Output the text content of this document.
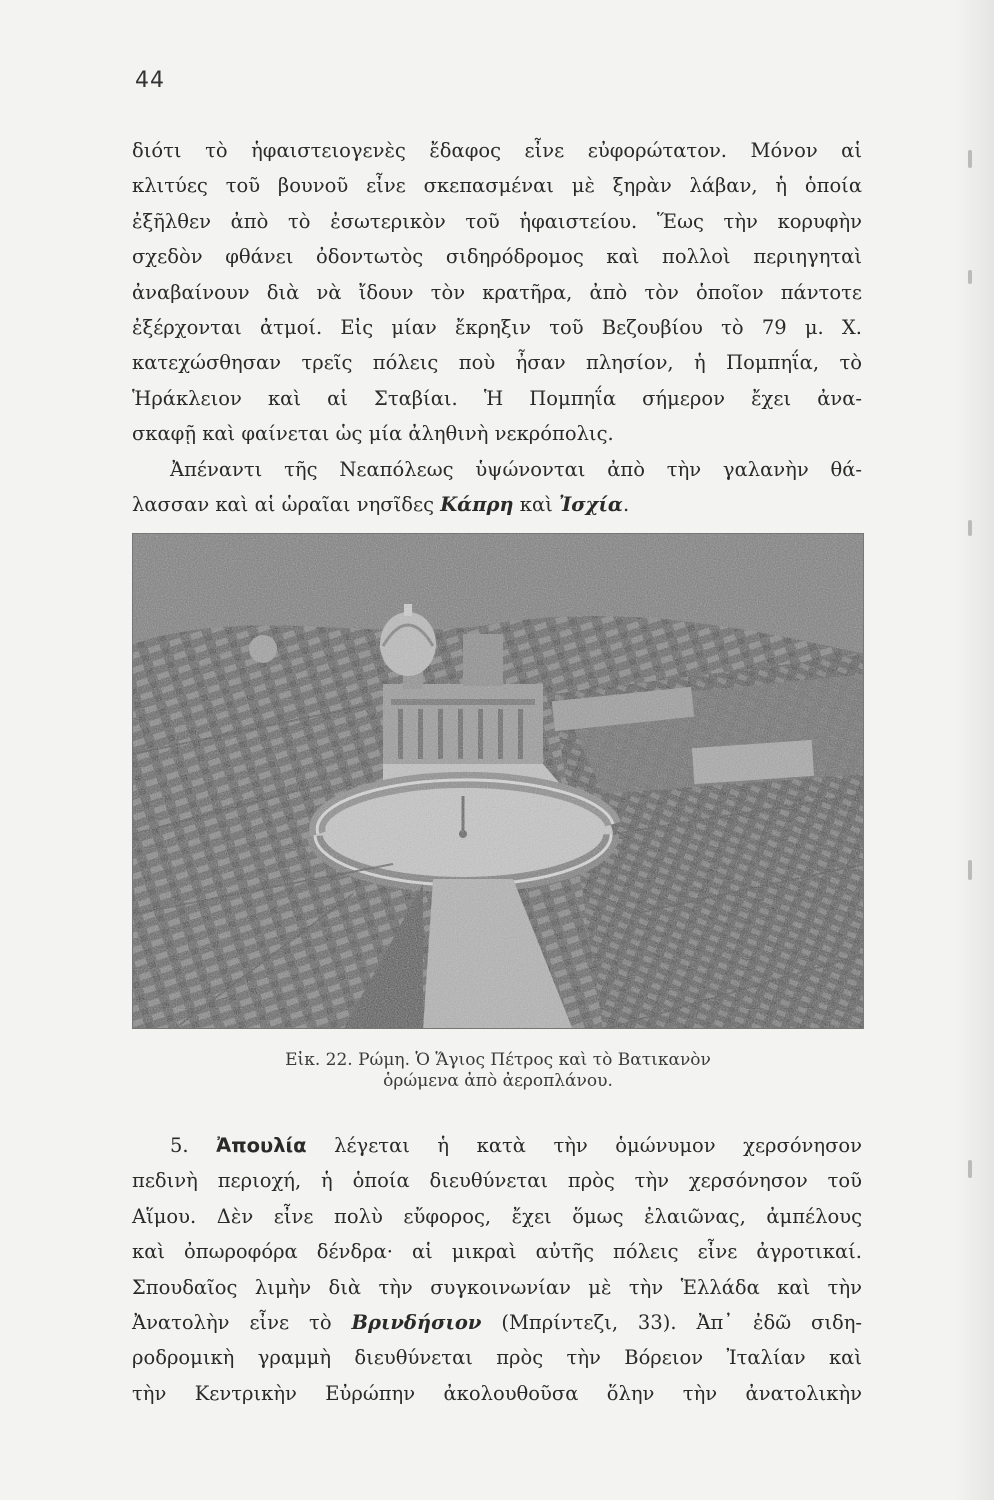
44
διότι τὸ ἡφαιστειογενὲς ἔδαφος εἶνε εὐφορώτατον. Μόνον αἱ
κλιτύες τοῦ βουνοῦ εἶνε σκεπασμέναι μὲ ξηρὰν λάβαν, ἡ ὁποία
ἐξῆλθεν ἀπὸ τὸ ἐσωτερικὸν τοῦ ἡφαιστείου. Ἕως τὴν κορυφὴν
σχεδὸν φθάνει ὀδοντωτὸς σιδηρόδρομος καὶ πολλοὶ περιηγηταὶ
ἀναβαίνουν διὰ νὰ ἴδουν τὸν κρατῆρα, ἀπὸ τὸν ὁποῖον πάντοτε
ἐξέρχονται ἀτμοί. Εἰς μίαν ἔκρηξιν τοῦ Βεζουβίου τὸ 79 μ. Χ.
κατεχώσθησαν τρεῖς πόλεις ποὺ ἦσαν πλησίον, ἡ Πομπηΐα, τὸ
Ἡράκλειον καὶ αἱ Σταβίαι. Ἡ Πομπηΐα σήμερον ἔχει ἀνα-
σκαφῇ καὶ φαίνεται ὡς μία ἀληθινὴ νεκρόπολις.
Ἀπέναντι τῆς Νεαπόλεως ὑψώνονται ἀπὸ τὴν γαλανὴν θά-
λασσαν καὶ αἱ ὡραῖαι νησῖδες Κάπρη καὶ Ἰσχία.
Εἰκ. 22. Ρώμη. Ὁ Ἅγιος Πέτρος καὶ τὸ Βατικανὸν
ὁρώμενα ἀπὸ ἀεροπλάνου.
5. Ἀπουλία λέγεται ἡ κατὰ τὴν ὁμώνυμον χερσόνησον
πεδινὴ περιοχή, ἡ ὁποία διευθύνεται πρὸς τὴν χερσόνησον τοῦ
Αἵμου. Δὲν εἶνε πολὺ εὔφορος, ἔχει ὅμως ἐλαιῶνας, ἀμπέλους
καὶ ὀπωροφόρα δένδρα· αἱ μικραὶ αὐτῆς πόλεις εἶνε ἀγροτικαί.
Σπουδαῖος λιμὴν διὰ τὴν συγκοινωνίαν μὲ τὴν Ἑλλάδα καὶ τὴν
Ἀνατολὴν εἶνε τὸ Βρινδήσιον (Μπρίντεζι, 33). Ἀπ᾽ ἐδῶ σιδη-
ροδρομικὴ γραμμὴ διευθύνεται πρὸς τὴν Βόρειον Ἰταλίαν καὶ
τὴν Κεντρικὴν Εὐρώπην ἀκολουθοῦσα ὅλην τὴν ἀνατολικὴν
